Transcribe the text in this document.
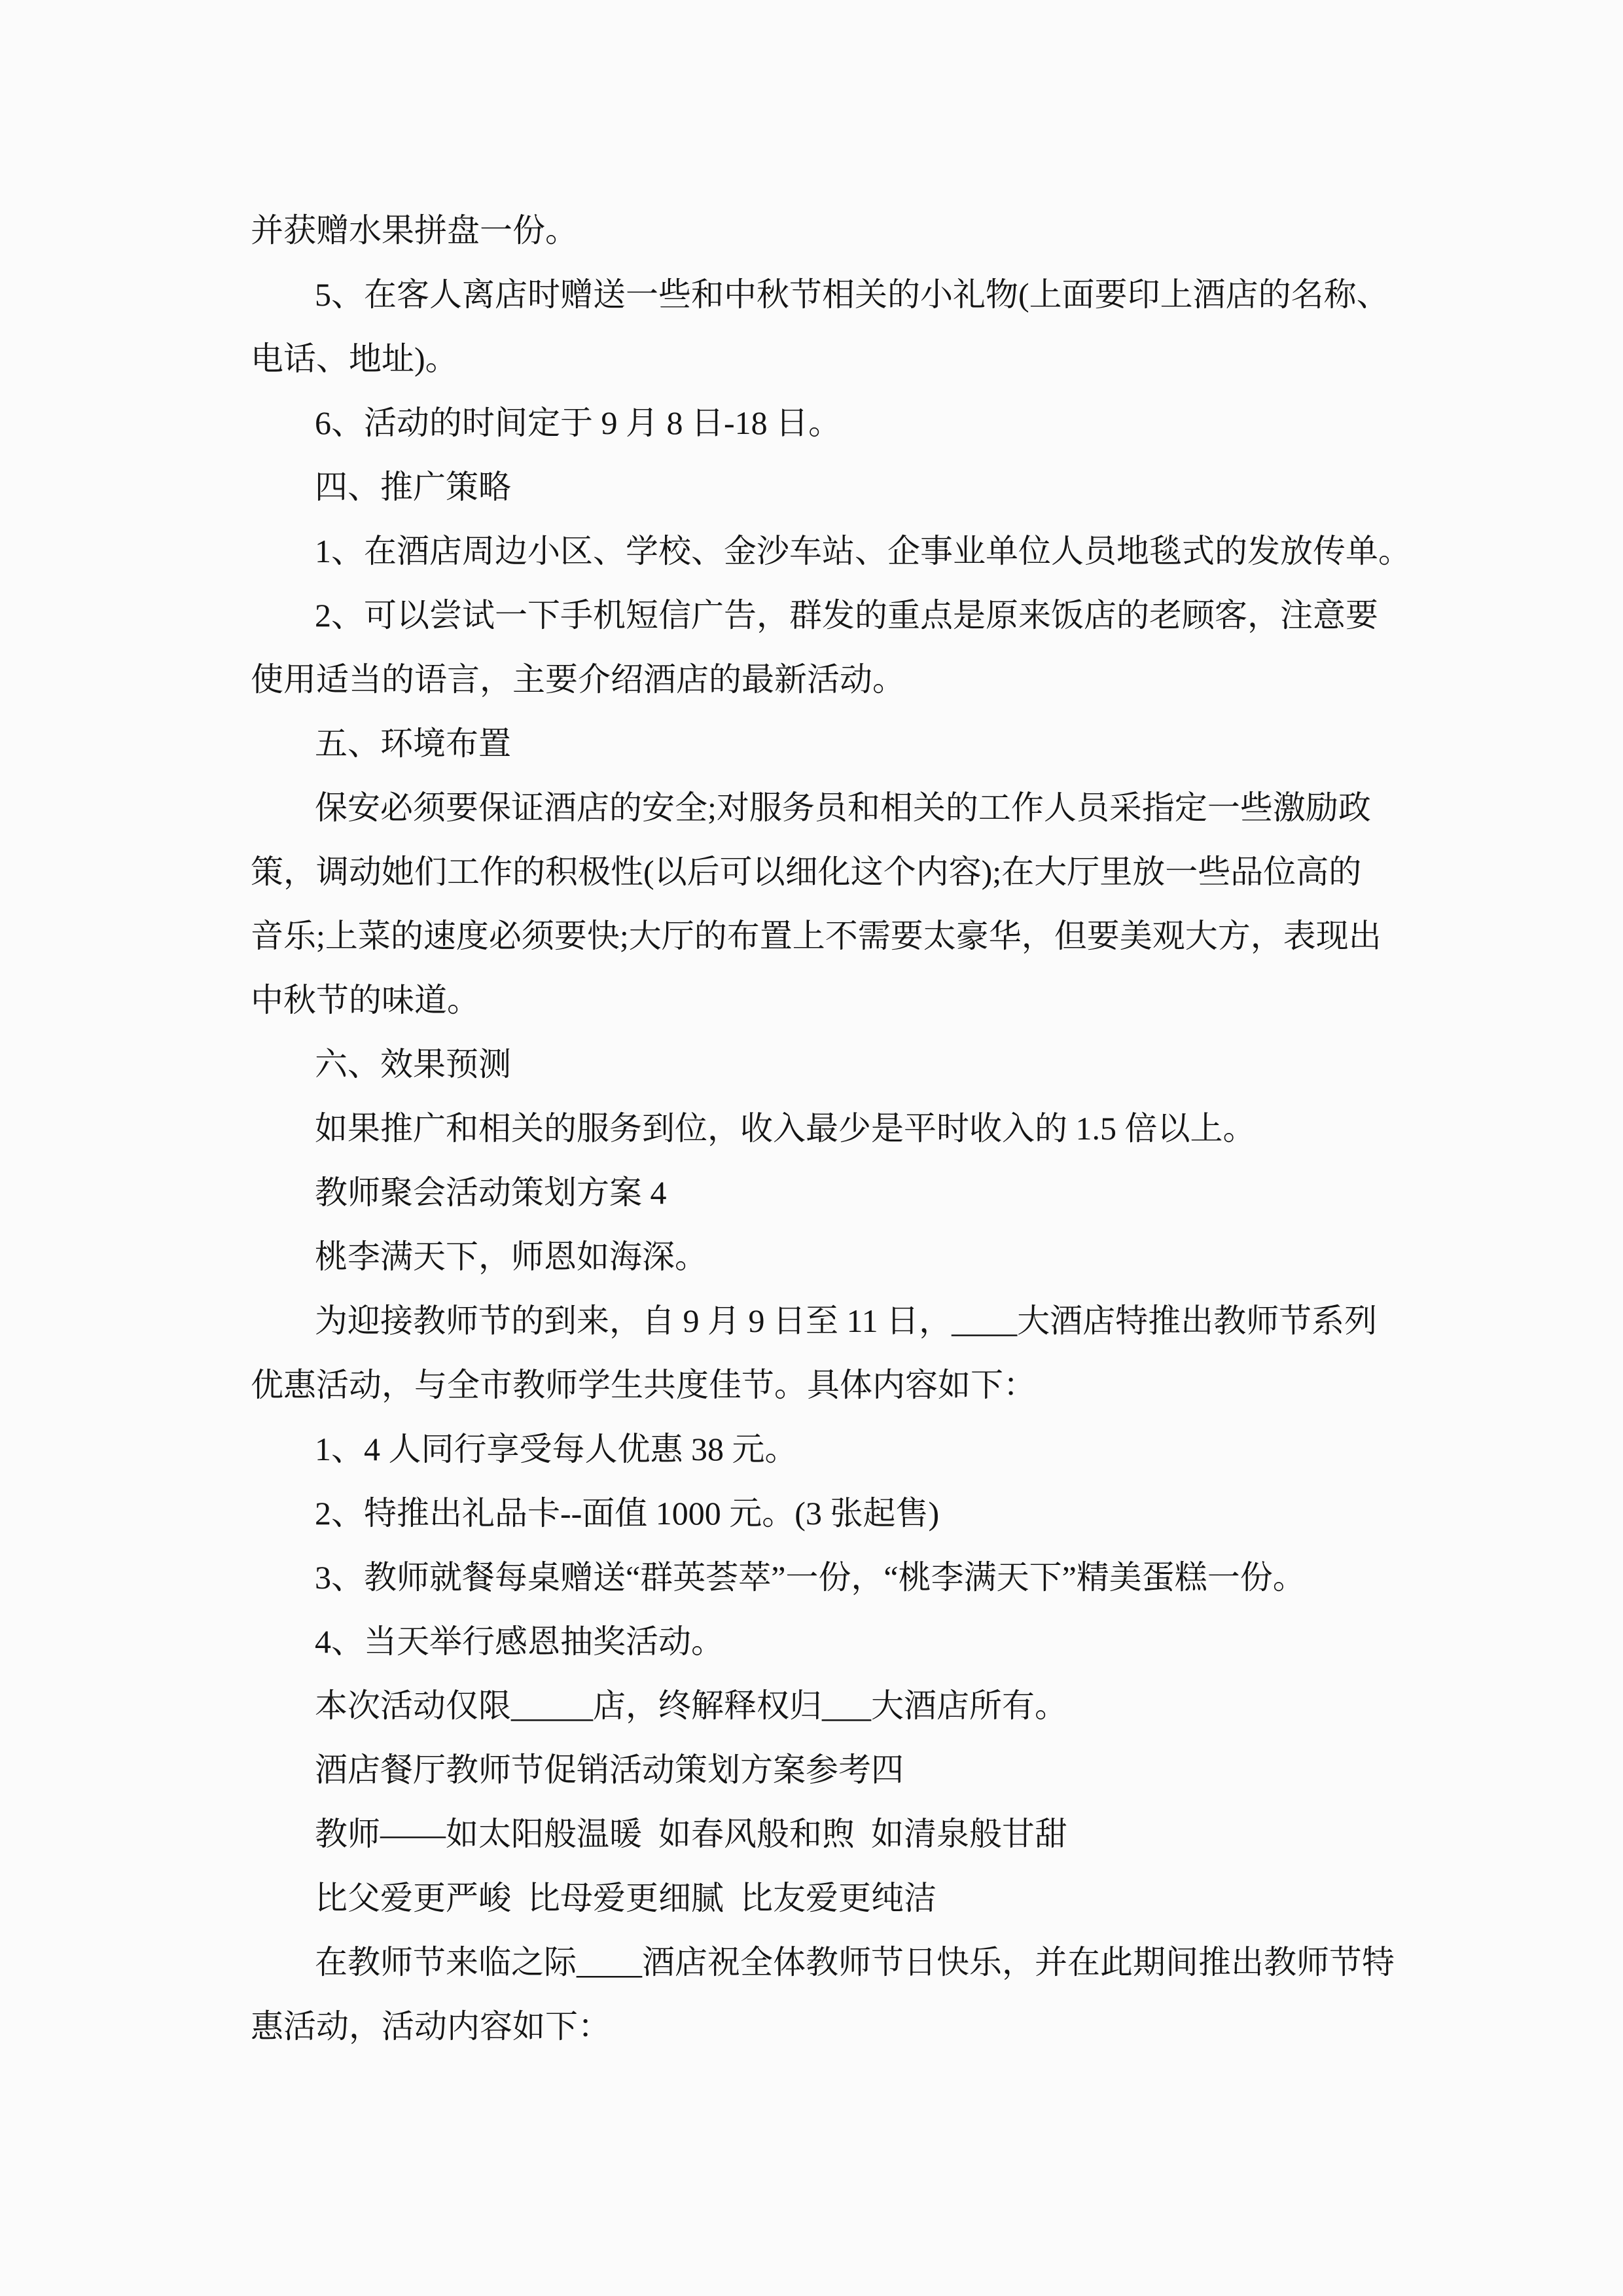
并获赠水果拼盘一份。
5、在客人离店时赠送一些和中秋节相关的小礼物(上面要印上酒店的名称、
电话、地址)。
6、活动的时间定于 9 月 8 日-18 日。
四、推广策略
1、在酒店周边小区、学校、金沙车站、企事业单位人员地毯式的发放传单。
2、可以尝试一下手机短信广告，群发的重点是原来饭店的老顾客，注意要
使用适当的语言，主要介绍酒店的最新活动。
五、环境布置
保安必须要保证酒店的安全;对服务员和相关的工作人员采指定一些激励政
策，调动她们工作的积极性(以后可以细化这个内容);在大厅里放一些品位高的
音乐;上菜的速度必须要快;大厅的布置上不需要太豪华，但要美观大方，表现出
中秋节的味道。
六、效果预测
如果推广和相关的服务到位，收入最少是平时收入的 1.5 倍以上。
教师聚会活动策划方案 4
桃李满天下，师恩如海深。
为迎接教师节的到来，自 9 月 9 日至 11 日，____大酒店特推出教师节系列
优惠活动，与全市教师学生共度佳节。具体内容如下：
1、4 人同行享受每人优惠 38 元。
2、特推出礼品卡--面值 1000 元。(3 张起售)
3、教师就餐每桌赠送“群英荟萃”一份，“桃李满天下”精美蛋糕一份。
4、当天举行感恩抽奖活动。
本次活动仅限_____店，终解释权归___大酒店所有。
酒店餐厅教师节促销活动策划方案参考四
教师——如太阳般温暖  如春风般和煦  如清泉般甘甜
比父爱更严峻  比母爱更细腻  比友爱更纯洁
在教师节来临之际____酒店祝全体教师节日快乐，并在此期间推出教师节特
惠活动，活动内容如下：
